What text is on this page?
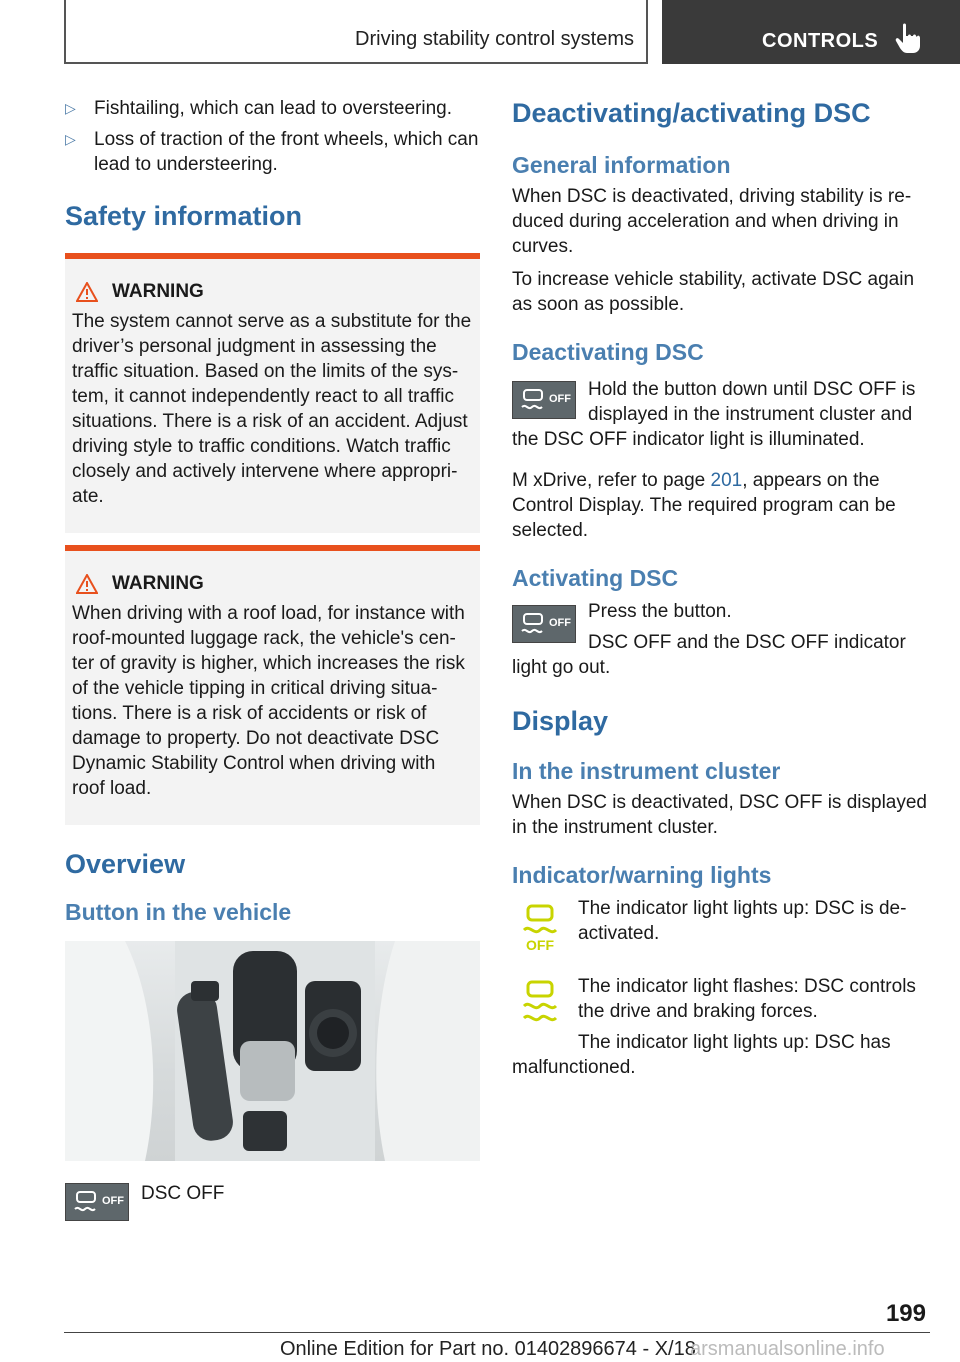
Driving stability control systems	CONTROLS
▷ Fishtailing, which can lead to oversteering.
▷ Loss of traction of the front wheels, which can lead to understeering.
Safety information
WARNING
The system cannot serve as a substitute for the driver’s personal judgment in assessing the traffic situation. Based on the limits of the sys-tem, it cannot independently react to all traffic situations. There is a risk of an accident. Adjust driving style to traffic conditions. Watch traffic closely and actively intervene where appropri-ate.
WARNING
When driving with a roof load, for instance with roof-mounted luggage rack, the vehicle's cen-ter of gravity is higher, which increases the risk of the vehicle tipping in critical driving situa-tions. There is a risk of accidents or risk of damage to property. Do not deactivate DSC Dynamic Stability Control when driving with roof load.
Overview
Button in the vehicle
OFF DSC OFF
Deactivating/activating DSC
General information

When DSC is deactivated, driving stability is re-duced during acceleration and when driving in curves.

To increase vehicle stability, activate DSC again as soon as possible.

Deactivating DSC
OFF Hold the button down until DSC OFF is displayed in the instrument cluster and

the DSC OFF indicator light is illuminated.

M xDrive, refer to page 201, appears on the Control Display. The required program can be selected.

Activating DSC
OFF

Press the button.

DSC OFF and the DSC OFF indicator

light go out.

Display
In the instrument cluster

When DSC is deactivated, DSC OFF is displayed in the instrument cluster.

Indicator/warning lights
OFF

The indicator light lights up: DSC is de-activated.

The indicator light flashes: DSC controls the drive and braking forces.

The indicator light lights up: DSC has

malfunctioned.

199
Online Edition for Part no. 01402896674 - X/18
arsmanualsonline.info
